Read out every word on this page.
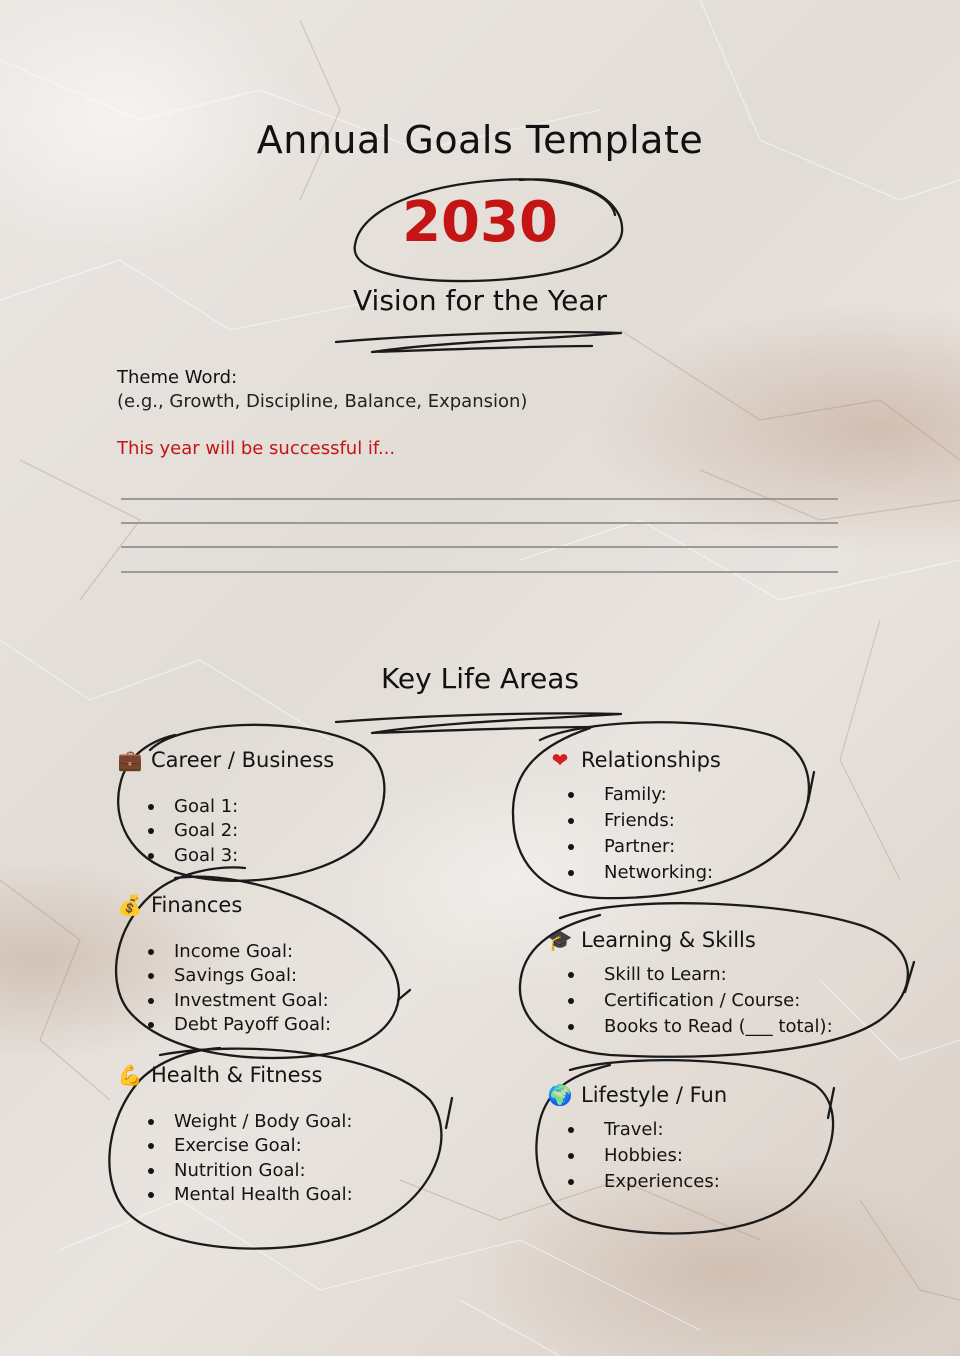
Annual Goals Template
2030
Vision for the Year
Theme Word:
(e.g., Growth, Discipline, Balance, Expansion)
This year will be successful if...
Key Life Areas
💼 Career / Business
Goal 1:
Goal 2:
Goal 3:
💰 Finances
Income Goal:
Savings Goal:
Investment Goal:
Debt Payoff Goal:
💪 Health & Fitness
Weight / Body Goal:
Exercise Goal:
Nutrition Goal:
Mental Health Goal:
❤ Relationships
Family:
Friends:
Partner:
Networking:
🎓 Learning & Skills
Skill to Learn:
Certification / Course:
Books to Read (___ total):
🌍 Lifestyle / Fun
Travel:
Hobbies:
Experiences:
